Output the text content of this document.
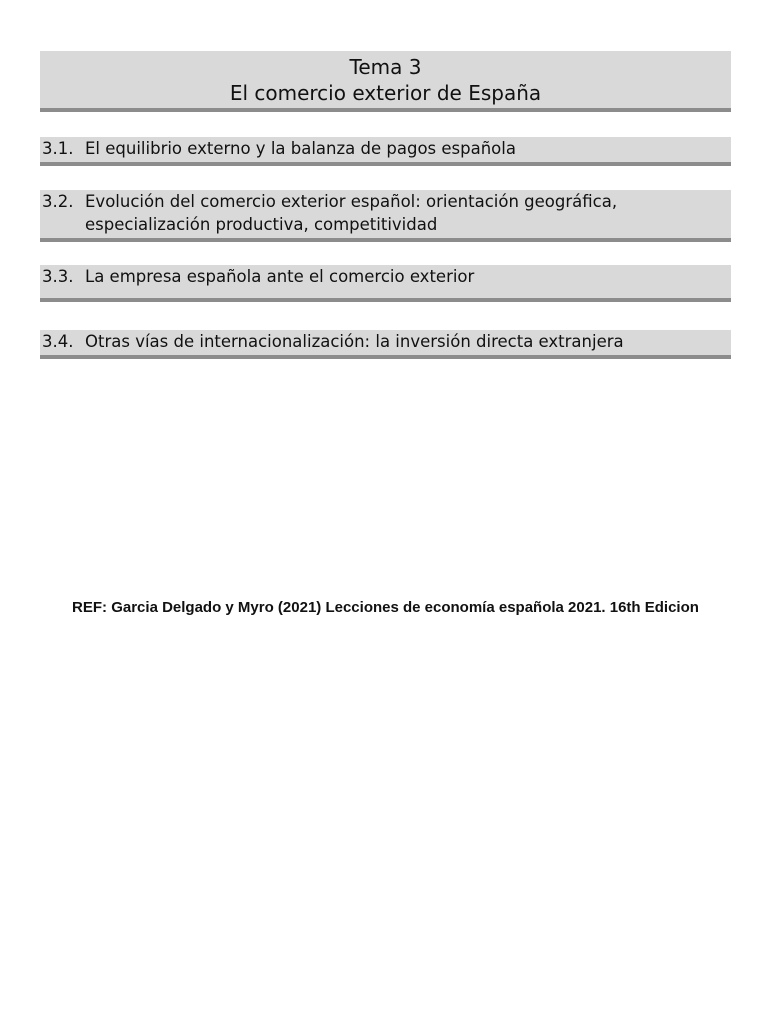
Tema 3
El comercio exterior de España
3.1. El equilibrio externo y la balanza de pagos española
3.2. Evolución del comercio exterior español: orientación geográfica, especialización productiva, competitividad
3.3. La empresa española ante el comercio exterior
3.4. Otras vías de internacionalización: la inversión directa extranjera
REF: Garcia Delgado y Myro (2021) Lecciones de economía española 2021. 16th Edicion
